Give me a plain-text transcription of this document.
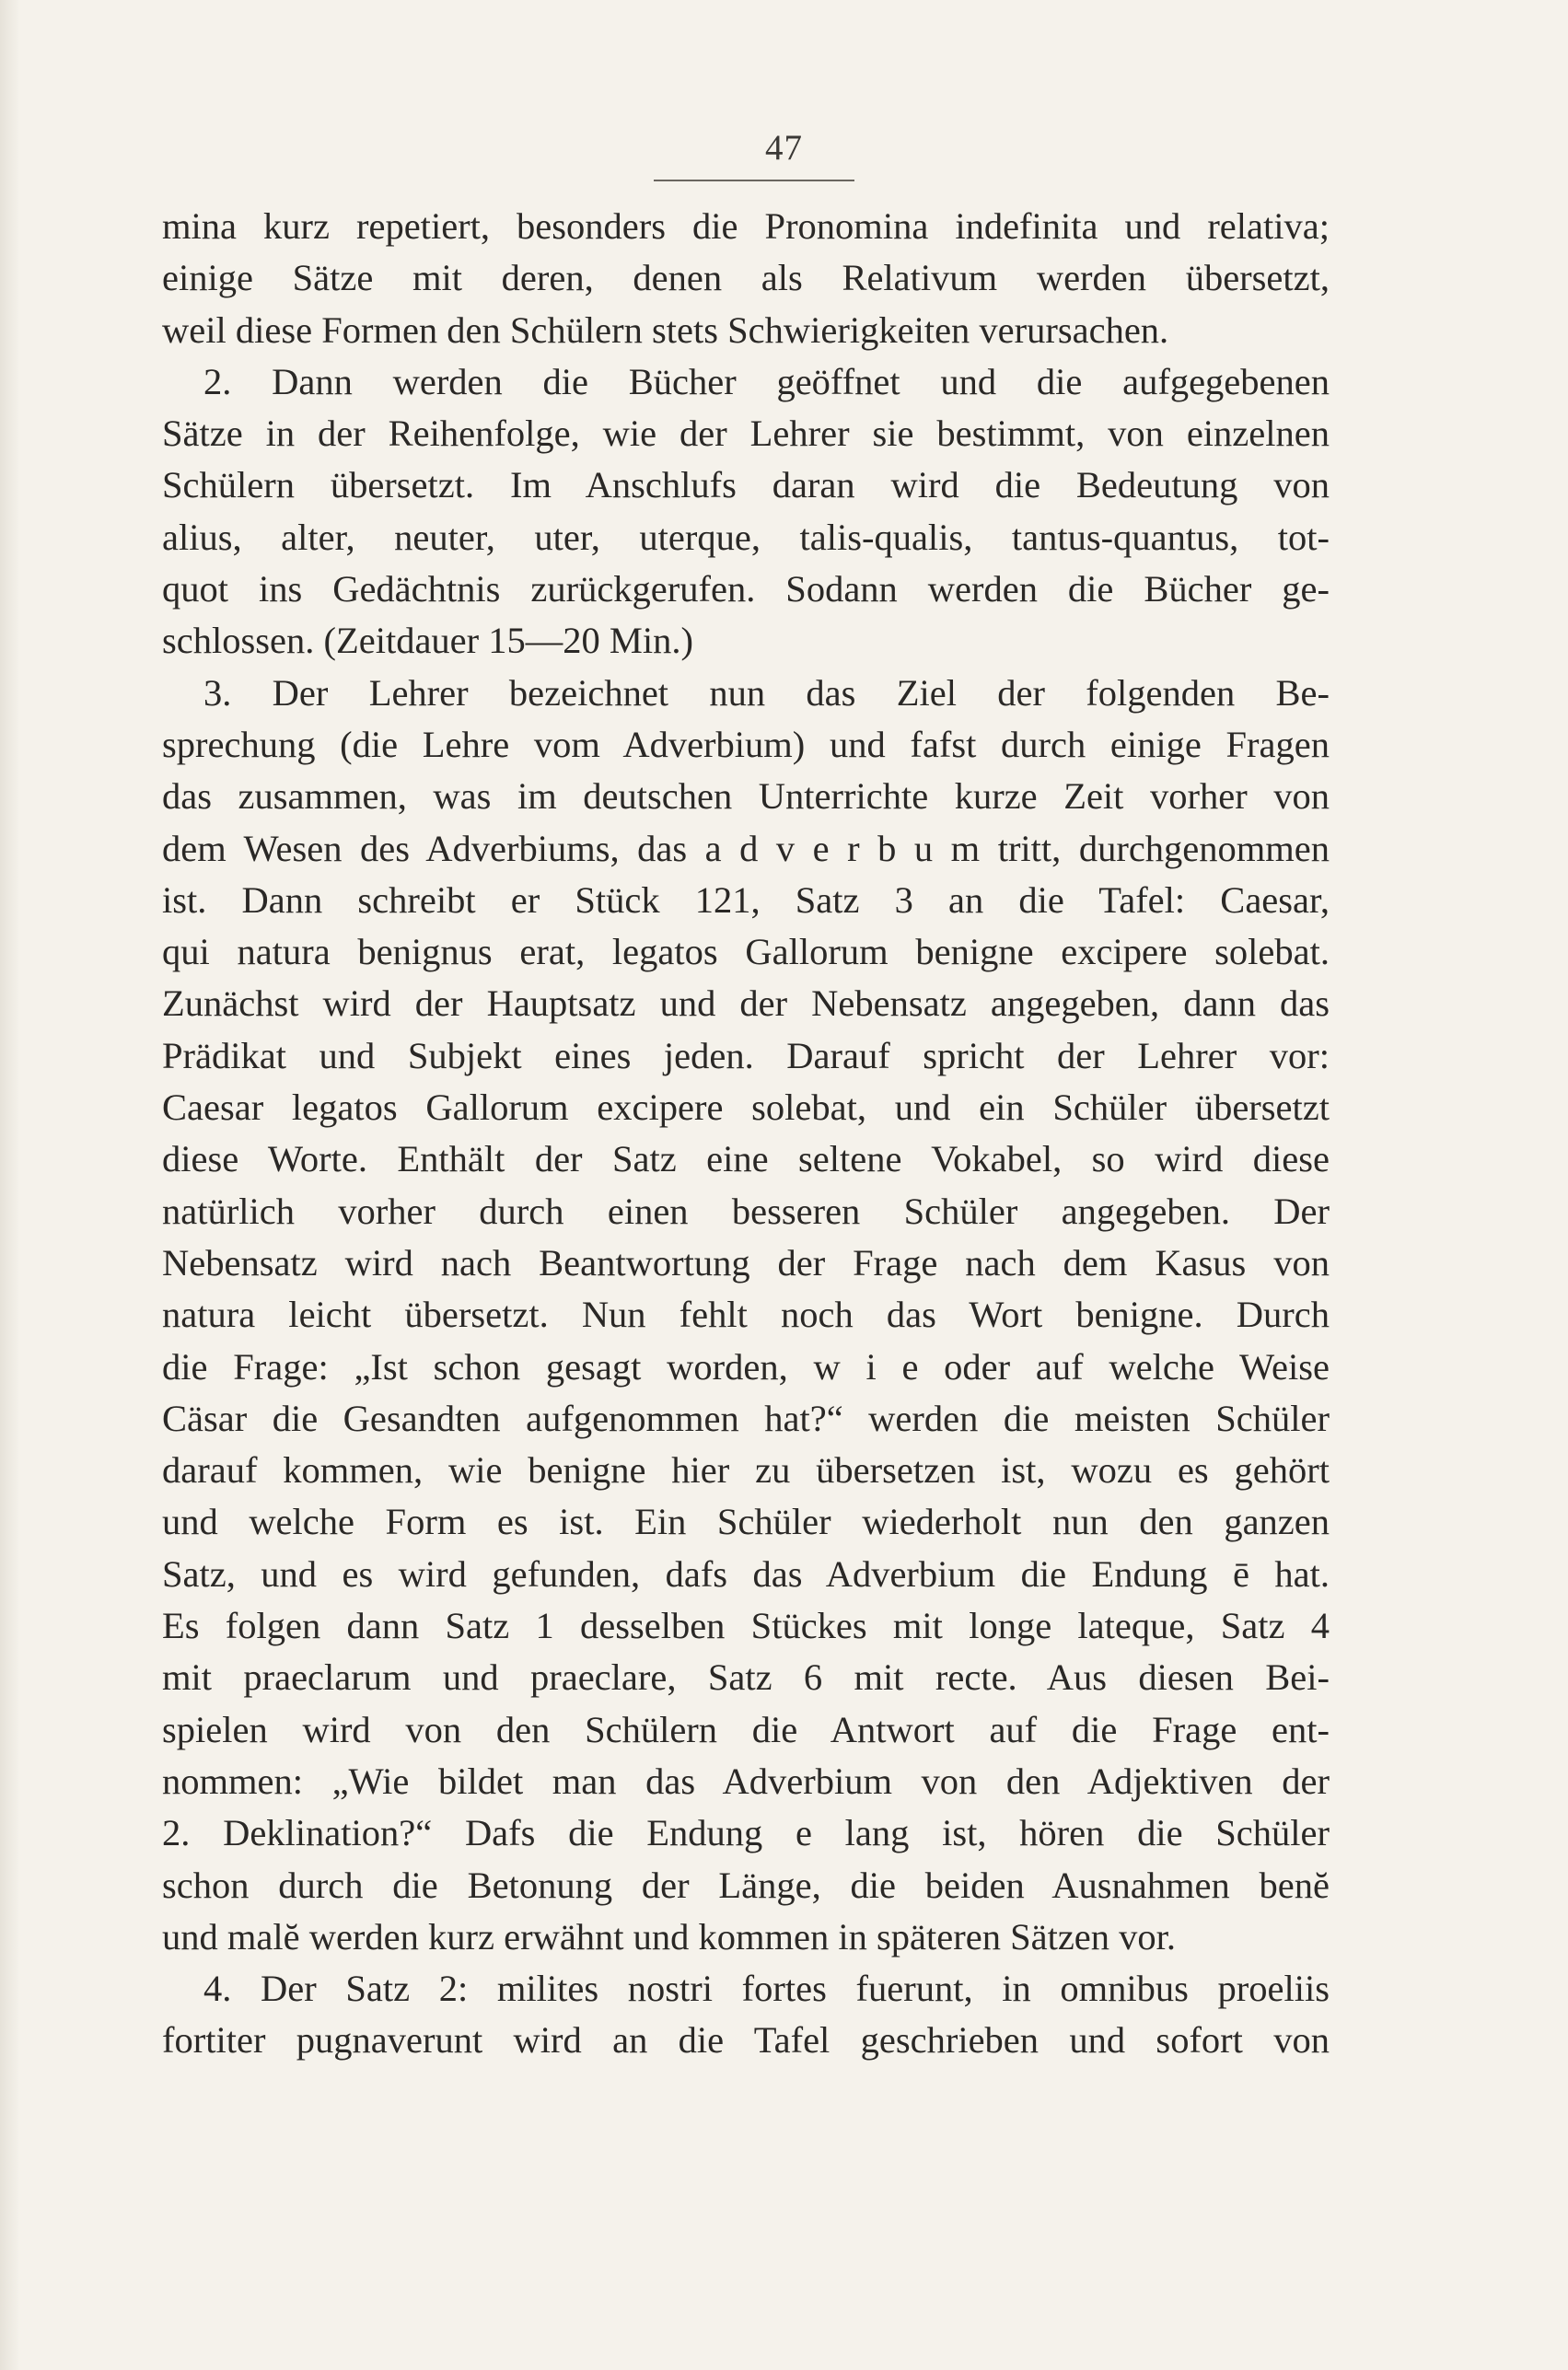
47
mina kurz repetiert, besonders die Pronomina indefinita und relativa;
einige Sätze mit deren, denen als Relativum werden übersetzt,
weil diese Formen den Schülern stets Schwierigkeiten verursachen.
2. Dann werden die Bücher geöffnet und die aufgegebenen
Sätze in der Reihenfolge, wie der Lehrer sie bestimmt, von einzelnen
Schülern übersetzt. Im Anschlufs daran wird die Bedeutung von
alius, alter, neuter, uter, uterque, talis-qualis, tantus-quantus, tot-
quot ins Gedächtnis zurückgerufen. Sodann werden die Bücher ge-
schlossen. (Zeitdauer 15—20 Min.)
3. Der Lehrer bezeichnet nun das Ziel der folgenden Be-
sprechung (die Lehre vom Adverbium) und fafst durch einige Fragen
das zusammen, was im deutschen Unterrichte kurze Zeit vorher von
dem Wesen des Adverbiums, das a d v e r b u m tritt, durchgenommen
ist. Dann schreibt er Stück 121, Satz 3 an die Tafel: Caesar,
qui natura benignus erat, legatos Gallorum benigne excipere solebat.
Zunächst wird der Hauptsatz und der Nebensatz angegeben, dann das
Prädikat und Subjekt eines jeden. Darauf spricht der Lehrer vor:
Caesar legatos Gallorum excipere solebat, und ein Schüler übersetzt
diese Worte. Enthält der Satz eine seltene Vokabel, so wird diese
natürlich vorher durch einen besseren Schüler angegeben. Der
Nebensatz wird nach Beantwortung der Frage nach dem Kasus von
natura leicht übersetzt. Nun fehlt noch das Wort benigne. Durch
die Frage: „Ist schon gesagt worden, w i e oder auf welche Weise
Cäsar die Gesandten aufgenommen hat?“ werden die meisten Schüler
darauf kommen, wie benigne hier zu übersetzen ist, wozu es gehört
und welche Form es ist. Ein Schüler wiederholt nun den ganzen
Satz, und es wird gefunden, dafs das Adverbium die Endung ē hat.
Es folgen dann Satz 1 desselben Stückes mit longe lateque, Satz 4
mit praeclarum und praeclare, Satz 6 mit recte. Aus diesen Bei-
spielen wird von den Schülern die Antwort auf die Frage ent-
nommen: „Wie bildet man das Adverbium von den Adjektiven der
2. Deklination?“ Dafs die Endung e lang ist, hören die Schüler
schon durch die Betonung der Länge, die beiden Ausnahmen benĕ
und malĕ werden kurz erwähnt und kommen in späteren Sätzen vor.
4. Der Satz 2: milites nostri fortes fuerunt, in omnibus proeliis
fortiter pugnaverunt wird an die Tafel geschrieben und sofort von
